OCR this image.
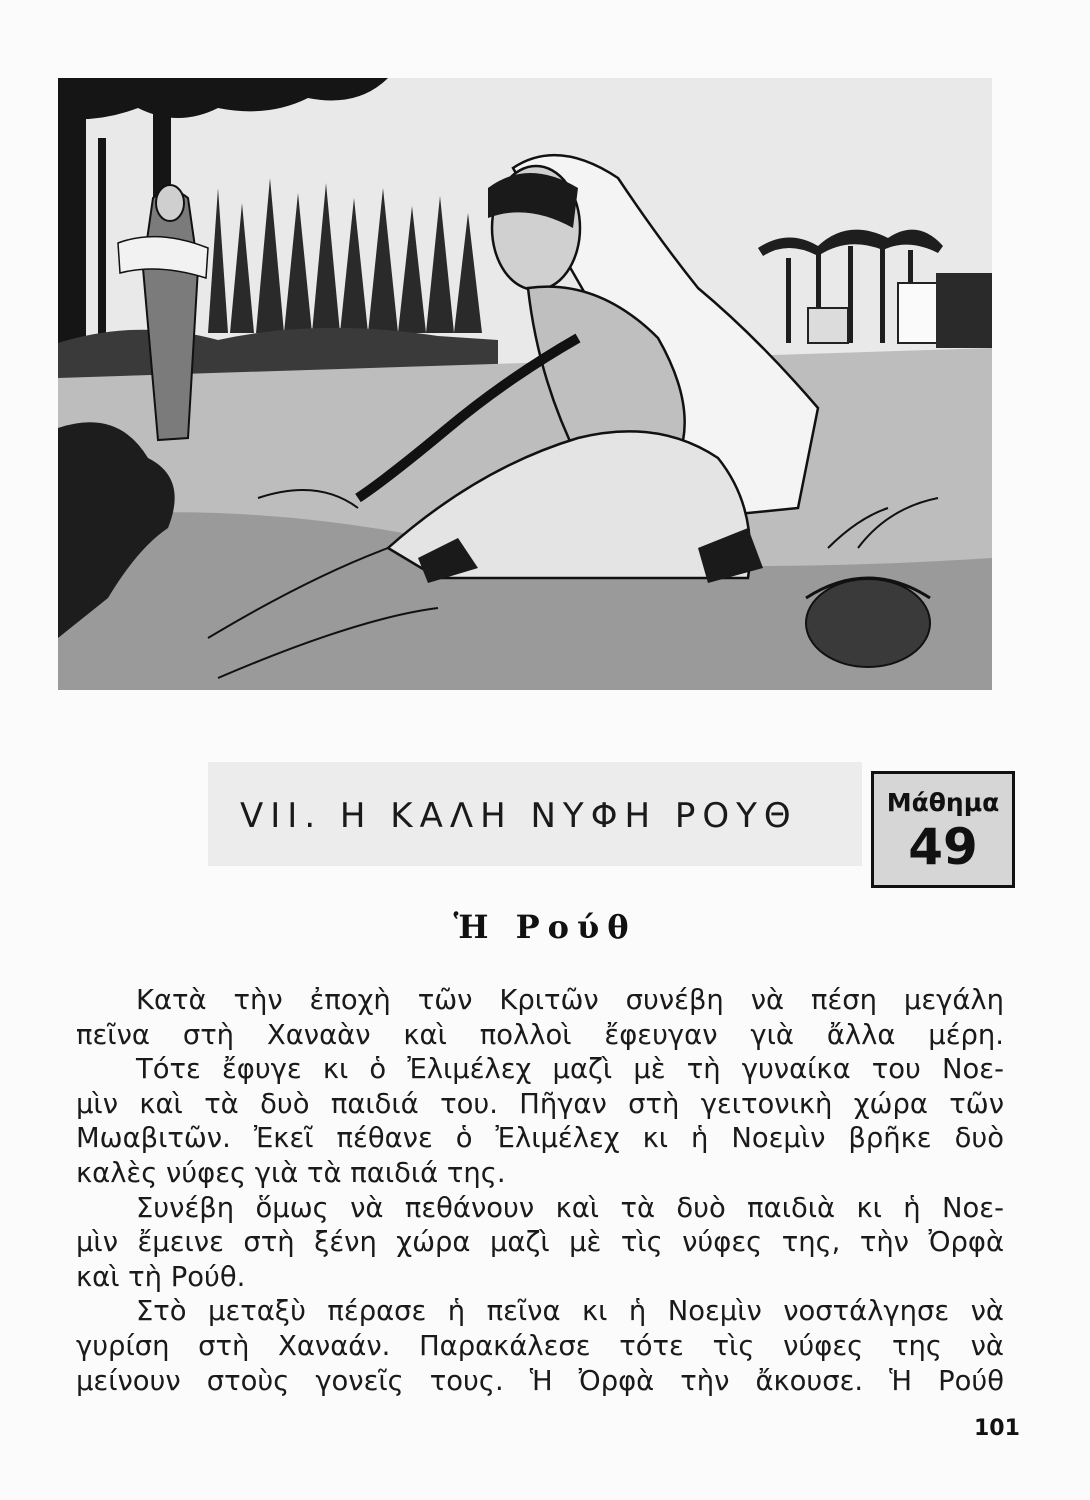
VII. Η ΚΑΛΗ ΝΥΦΗ ΡΟΥΘ	Μάθημα
49
Ἡ Ρούθ
Κατὰ τὴν ἐποχὴ τῶν Κριτῶν συνέβη νὰ πέση μεγάλη
πεῖνα στὴ Χαναὰν καὶ πολλοὶ ἔφευγαν γιὰ ἄλλα μέρη.
Τότε ἔφυγε κι ὁ Ἐλιμέλεχ μαζὶ μὲ τὴ γυναίκα του Νοε-
μὶν καὶ τὰ δυὸ παιδιά του. Πῆγαν στὴ γειτονικὴ χώρα τῶν
Μωαβιτῶν. Ἐκεῖ πέθανε ὁ Ἐλιμέλεχ κι ἡ Νοεμὶν βρῆκε δυὸ
καλὲς νύφες γιὰ τὰ παιδιά της.
Συνέβη ὅμως νὰ πεθάνουν καὶ τὰ δυὸ παιδιὰ κι ἡ Νοε-
μὶν ἔμεινε στὴ ξένη χώρα μαζὶ μὲ τὶς νύφες της, τὴν Ὀρφὰ
καὶ τὴ Ρούθ.
Στὸ μεταξὺ πέρασε ἡ πεῖνα κι ἡ Νοεμὶν νοστάλγησε νὰ
γυρίση στὴ Χαναάν. Παρακάλεσε τότε τὶς νύφες της νὰ
μείνουν στοὺς γονεῖς τους. Ἡ Ὀρφὰ τὴν ἄκουσε. Ἡ Ρούθ
101
